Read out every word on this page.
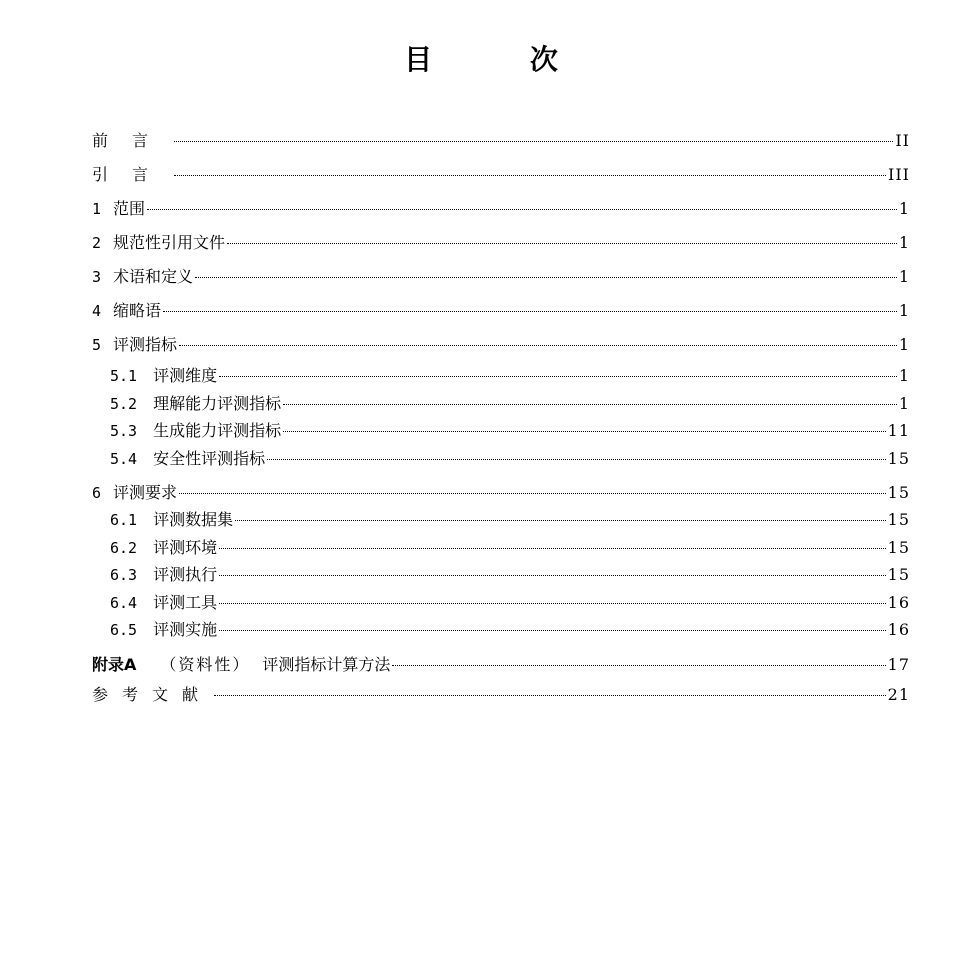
目 次
前言	II
引言	III
1 范围	1
2 规范性引用文件	1
3 术语和定义	1
4 缩略语	1
5 评测指标	1
5.1 评测维度	1
5.2 理解能力评测指标	1
5.3 生成能力评测指标	11
5.4 安全性评测指标	15
6 评测要求	15
6.1 评测数据集	15
6.2 评测环境	15
6.3 评测执行	15
6.4 评测工具	16
6.5 评测实施	16
附录A （资料性） 评测指标计算方法	17
参考文献	21
